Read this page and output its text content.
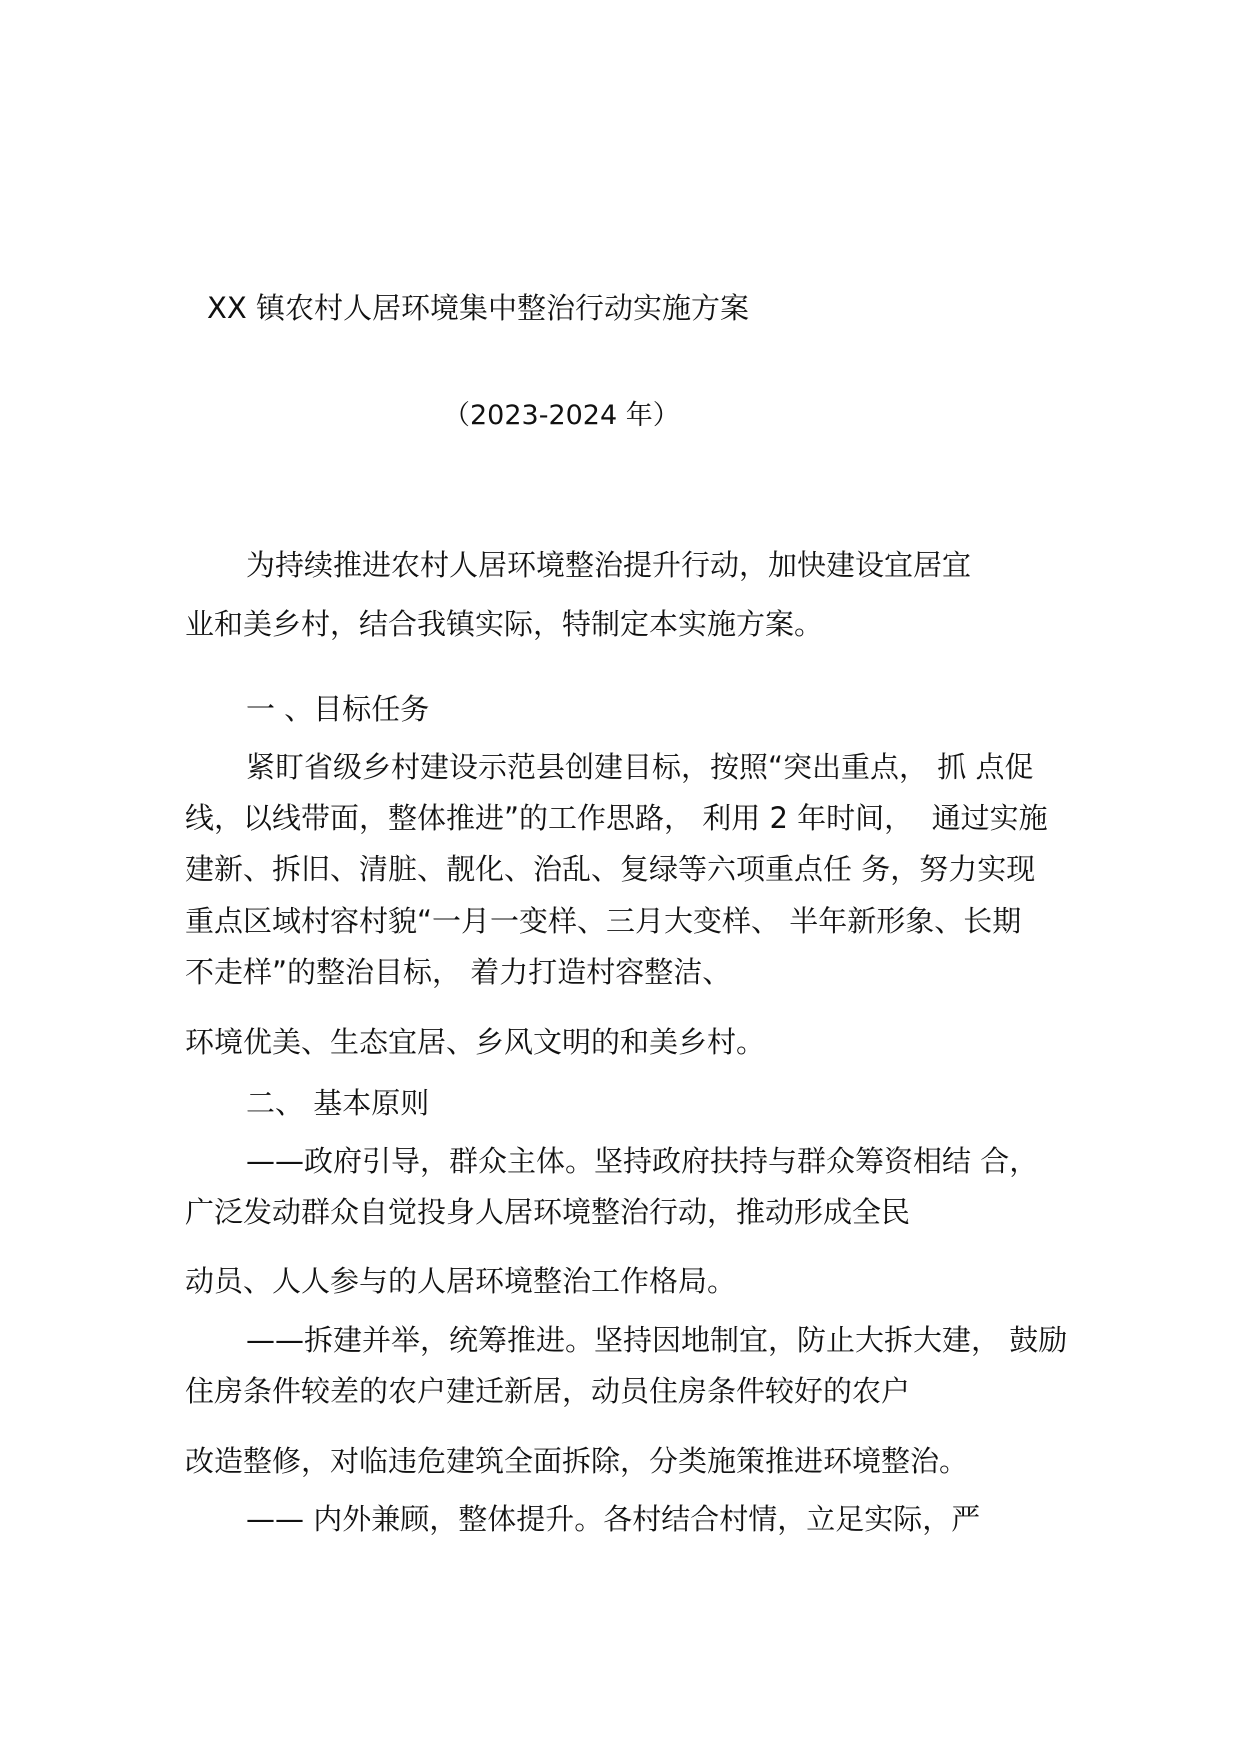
XX 镇农村人居环境集中整治行动实施方案
（2023-2024 年）
为持续推进农村人居环境整治提升行动，加快建设宜居宜
业和美乡村，结合我镇实际，特制定本实施方案。
一 、目标任务
紧盯省级乡村建设示范县创建目标，按照“突出重点， 抓 点促
线，以线带面，整体推进”的工作思路， 利用 2 年时间，  通过实施
建新、拆旧、清脏、靓化、治乱、复绿等六项重点任 务，努力实现
重点区域村容村貌“一月一变样、三月大变样、 半年新形象、长期
不走样”的整治目标， 着力打造村容整洁、
环境优美、生态宜居、乡风文明的和美乡村。
二、 基本原则
——政府引导，群众主体。坚持政府扶持与群众筹资相结 合，
广泛发动群众自觉投身人居环境整治行动，推动形成全民
动员、人人参与的人居环境整治工作格局。
——拆建并举，统筹推进。坚持因地制宜，防止大拆大建， 鼓励
住房条件较差的农户建迁新居，动员住房条件较好的农户
改造整修，对临违危建筑全面拆除，分类施策推进环境整治。
—— 内外兼顾，整体提升。各村结合村情，立足实际，严
